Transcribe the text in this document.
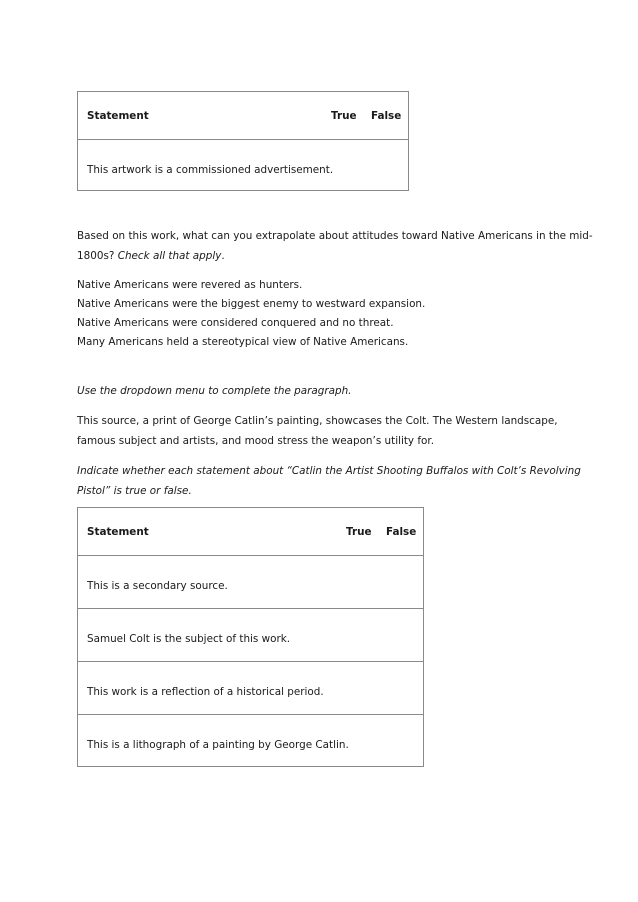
Statement	True False
This artwork is a commissioned advertisement.
Based on this work, what can you extrapolate about attitudes toward Native Americans in the mid-
1800s? Check all that apply.
Native Americans were revered as hunters.
Native Americans were the biggest enemy to westward expansion.
Native Americans were considered conquered and no threat.
Many Americans held a stereotypical view of Native Americans.
Use the dropdown menu to complete the paragraph.
This source, a print of George Catlin’s painting, showcases the Colt. The Western landscape,
famous subject and artists, and mood stress the weapon’s utility for.
Indicate whether each statement about “Catlin the Artist Shooting Buffalos with Colt’s Revolving
Pistol” is true or false.
Statement	True False
This is a secondary source.
Samuel Colt is the subject of this work.
This work is a reflection of a historical period.
This is a lithograph of a painting by George Catlin.
